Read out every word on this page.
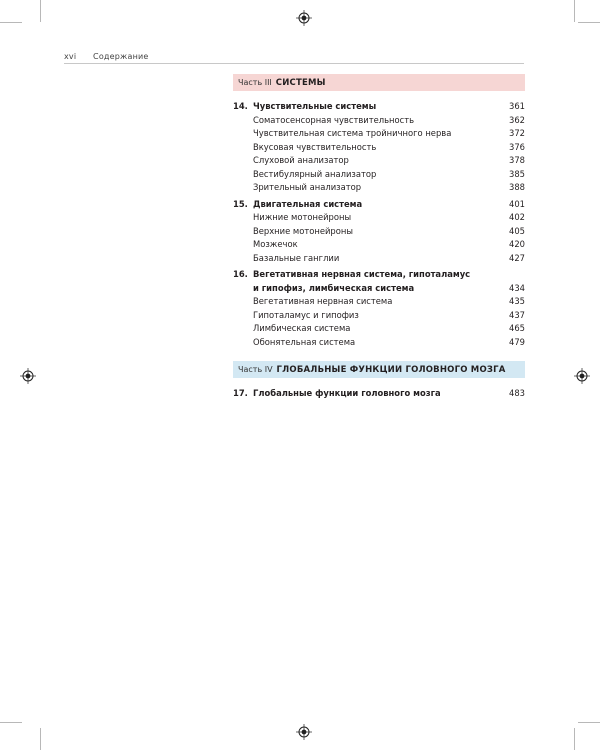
xvi Содержание
Часть III СИСТЕМЫ
14. Чувствительные системы	361
Соматосенсорная чувствительность	362
Чувствительная система тройничного нерва	372
Вкусовая чувствительность	376
Слуховой анализатор	378
Вестибулярный анализатор	385
Зрительный анализатор	388
15. Двигательная система	401
Нижние мотонейроны	402
Верхние мотонейроны	405
Мозжечок	420
Базальные ганглии	427
16. Вегетативная нервная система, гипоталамус
и гипофиз, лимбическая система	434
Вегетативная нервная система	435
Гипоталамус и гипофиз	437
Лимбическая система	465
Обонятельная система	479
Часть IV ГЛОБАЛЬНЫЕ ФУНКЦИИ ГОЛОВНОГО МОЗГА
17. Глобальные функции головного мозга	483
